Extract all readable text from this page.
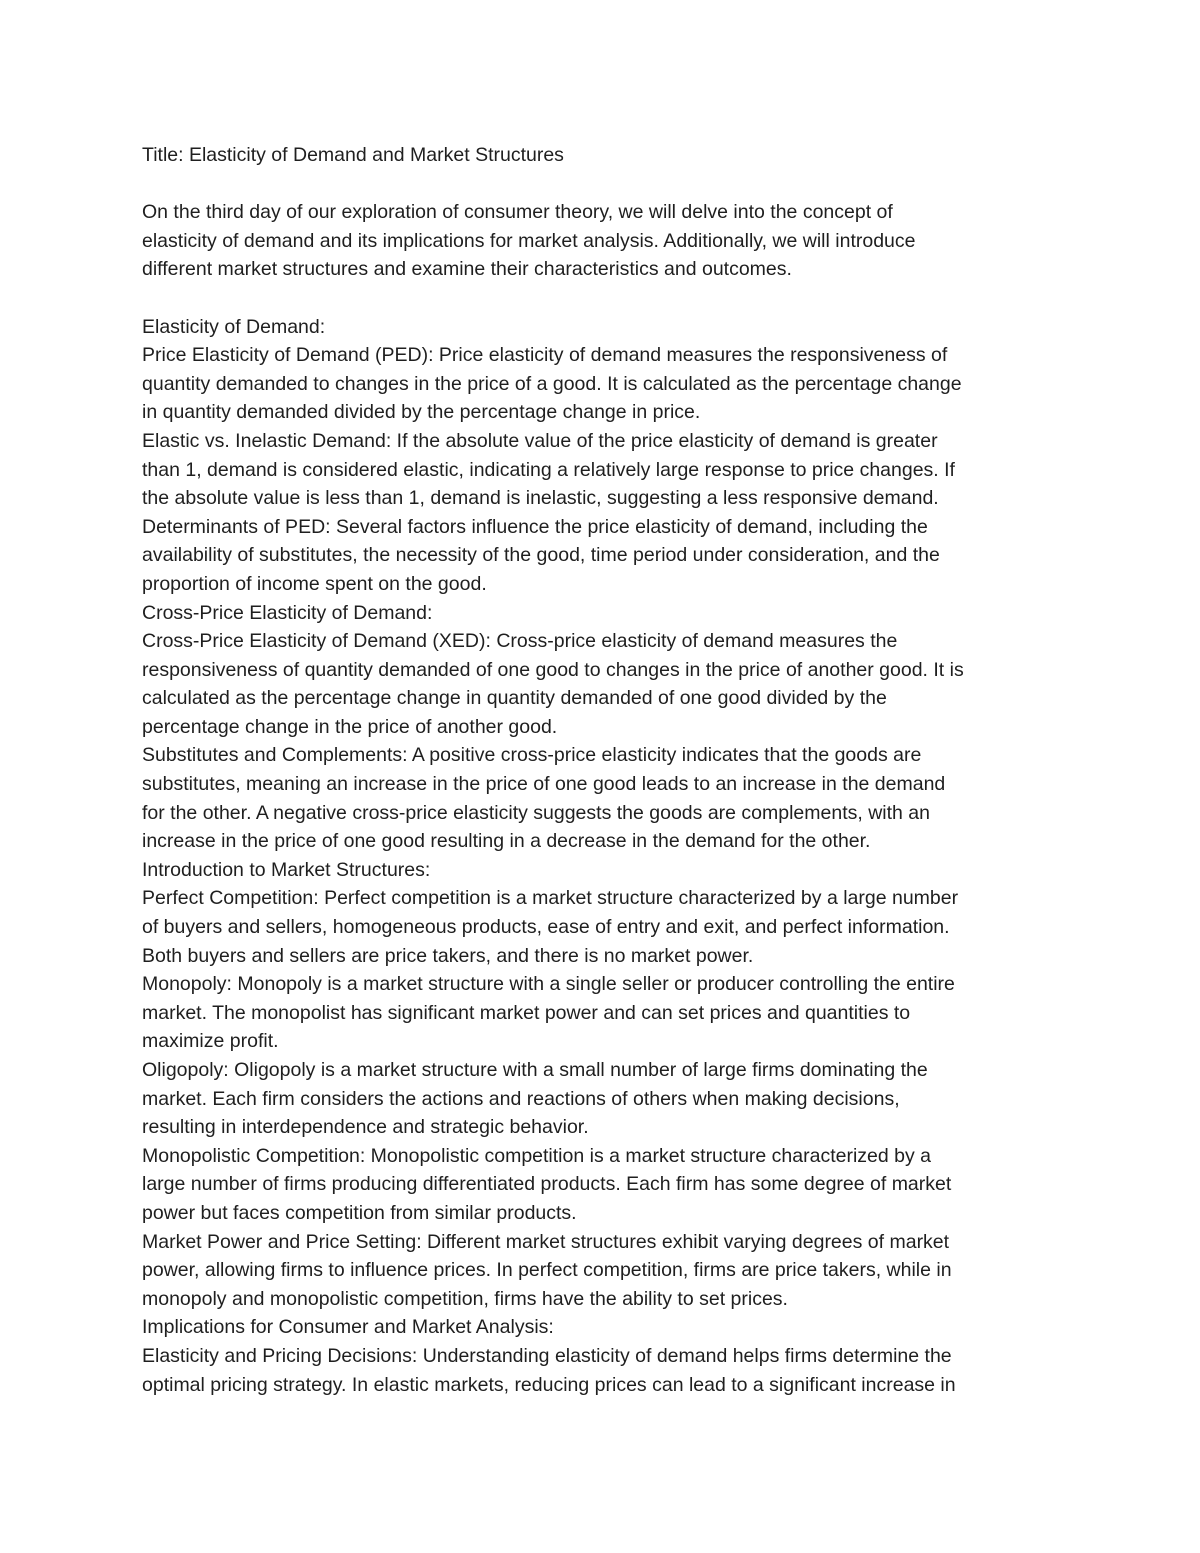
Title: Elasticity of Demand and Market Structures

On the third day of our exploration of consumer theory, we will delve into the concept of

elasticity of demand and its implications for market analysis. Additionally, we will introduce

different market structures and examine their characteristics and outcomes.

Elasticity of Demand:

Price Elasticity of Demand (PED): Price elasticity of demand measures the responsiveness of

quantity demanded to changes in the price of a good. It is calculated as the percentage change

in quantity demanded divided by the percentage change in price.

Elastic vs. Inelastic Demand: If the absolute value of the price elasticity of demand is greater

than 1, demand is considered elastic, indicating a relatively large response to price changes. If

the absolute value is less than 1, demand is inelastic, suggesting a less responsive demand.

Determinants of PED: Several factors influence the price elasticity of demand, including the

availability of substitutes, the necessity of the good, time period under consideration, and the

proportion of income spent on the good.

Cross-Price Elasticity of Demand:

Cross-Price Elasticity of Demand (XED): Cross-price elasticity of demand measures the

responsiveness of quantity demanded of one good to changes in the price of another good. It is

calculated as the percentage change in quantity demanded of one good divided by the

percentage change in the price of another good.

Substitutes and Complements: A positive cross-price elasticity indicates that the goods are

substitutes, meaning an increase in the price of one good leads to an increase in the demand

for the other. A negative cross-price elasticity suggests the goods are complements, with an

increase in the price of one good resulting in a decrease in the demand for the other.

Introduction to Market Structures:

Perfect Competition: Perfect competition is a market structure characterized by a large number

of buyers and sellers, homogeneous products, ease of entry and exit, and perfect information.

Both buyers and sellers are price takers, and there is no market power.

Monopoly: Monopoly is a market structure with a single seller or producer controlling the entire

market. The monopolist has significant market power and can set prices and quantities to

maximize profit.

Oligopoly: Oligopoly is a market structure with a small number of large firms dominating the

market. Each firm considers the actions and reactions of others when making decisions,

resulting in interdependence and strategic behavior.

Monopolistic Competition: Monopolistic competition is a market structure characterized by a

large number of firms producing differentiated products. Each firm has some degree of market

power but faces competition from similar products.

Market Power and Price Setting: Different market structures exhibit varying degrees of market

power, allowing firms to influence prices. In perfect competition, firms are price takers, while in

monopoly and monopolistic competition, firms have the ability to set prices.

Implications for Consumer and Market Analysis:

Elasticity and Pricing Decisions: Understanding elasticity of demand helps firms determine the

optimal pricing strategy. In elastic markets, reducing prices can lead to a significant increase in
